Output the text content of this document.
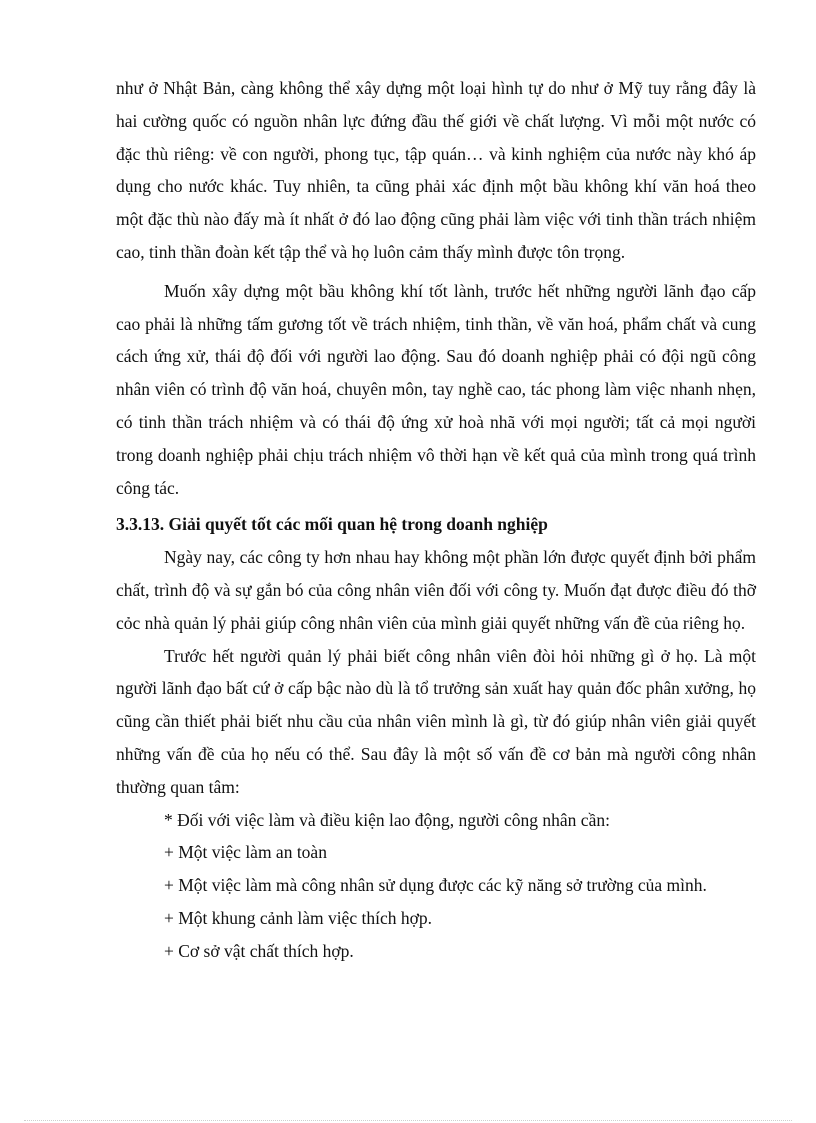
như ở Nhật Bản, càng không thể xây dựng một loại hình tự do như ở Mỹ tuy rằng đây là hai cường quốc có nguồn nhân lực đứng đầu thế giới về chất lượng. Vì mỗi một nước có đặc thù riêng: về con người, phong tục, tập quán… và kinh nghiệm của nước này khó áp dụng cho nước khác. Tuy nhiên, ta cũng phải xác định một bầu không khí văn hoá theo một đặc thù nào đấy mà ít nhất ở đó lao động cũng phải làm việc với tinh thần trách nhiệm cao, tinh thần đoàn kết tập thể và họ luôn cảm thấy mình được tôn trọng.

Muốn xây dựng một bầu không khí tốt lành, trước hết những người lãnh đạo cấp cao phải là những tấm gương tốt về trách nhiệm, tinh thần, về văn hoá, phẩm chất và cung cách ứng xử, thái độ đối với người lao động. Sau đó doanh nghiệp phải có đội ngũ công nhân viên có trình độ văn hoá, chuyên môn, tay nghề cao, tác phong làm việc nhanh nhẹn, có tinh thần trách nhiệm và có thái độ ứng xử hoà nhã với mọi người; tất cả mọi người trong doanh nghiệp phải chịu trách nhiệm vô thời hạn về kết quả của mình trong quá trình công tác.

3.3.13. Giải quyết tốt các mối quan hệ trong doanh nghiệp

Ngày nay, các công ty hơn nhau hay không một phần lớn được quyết định bởi phẩm chất, trình độ và sự gắn bó của công nhân viên đối với công ty. Muốn đạt được điều đó thỡ cỏc nhà quản lý phải giúp công nhân viên của mình giải quyết những vấn đề của riêng họ.

Trước hết người quản lý phải biết công nhân viên đòi hỏi những gì ở họ. Là một người lãnh đạo bất cứ ở cấp bậc nào dù là tổ trưởng sản xuất hay quản đốc phân xưởng, họ cũng cần thiết phải biết nhu cầu của nhân viên mình là gì, từ đó giúp nhân viên giải quyết những vấn đề của họ nếu có thể. Sau đây là một số vấn đề cơ bản mà người công nhân thường quan tâm:

* Đối với việc làm và điều kiện lao động, người công nhân cần:

+ Một việc làm an toàn

+ Một việc làm mà công nhân sử dụng được các kỹ năng sở trường của mình.

+ Một khung cảnh làm việc thích hợp.

+ Cơ sở vật chất thích hợp.
